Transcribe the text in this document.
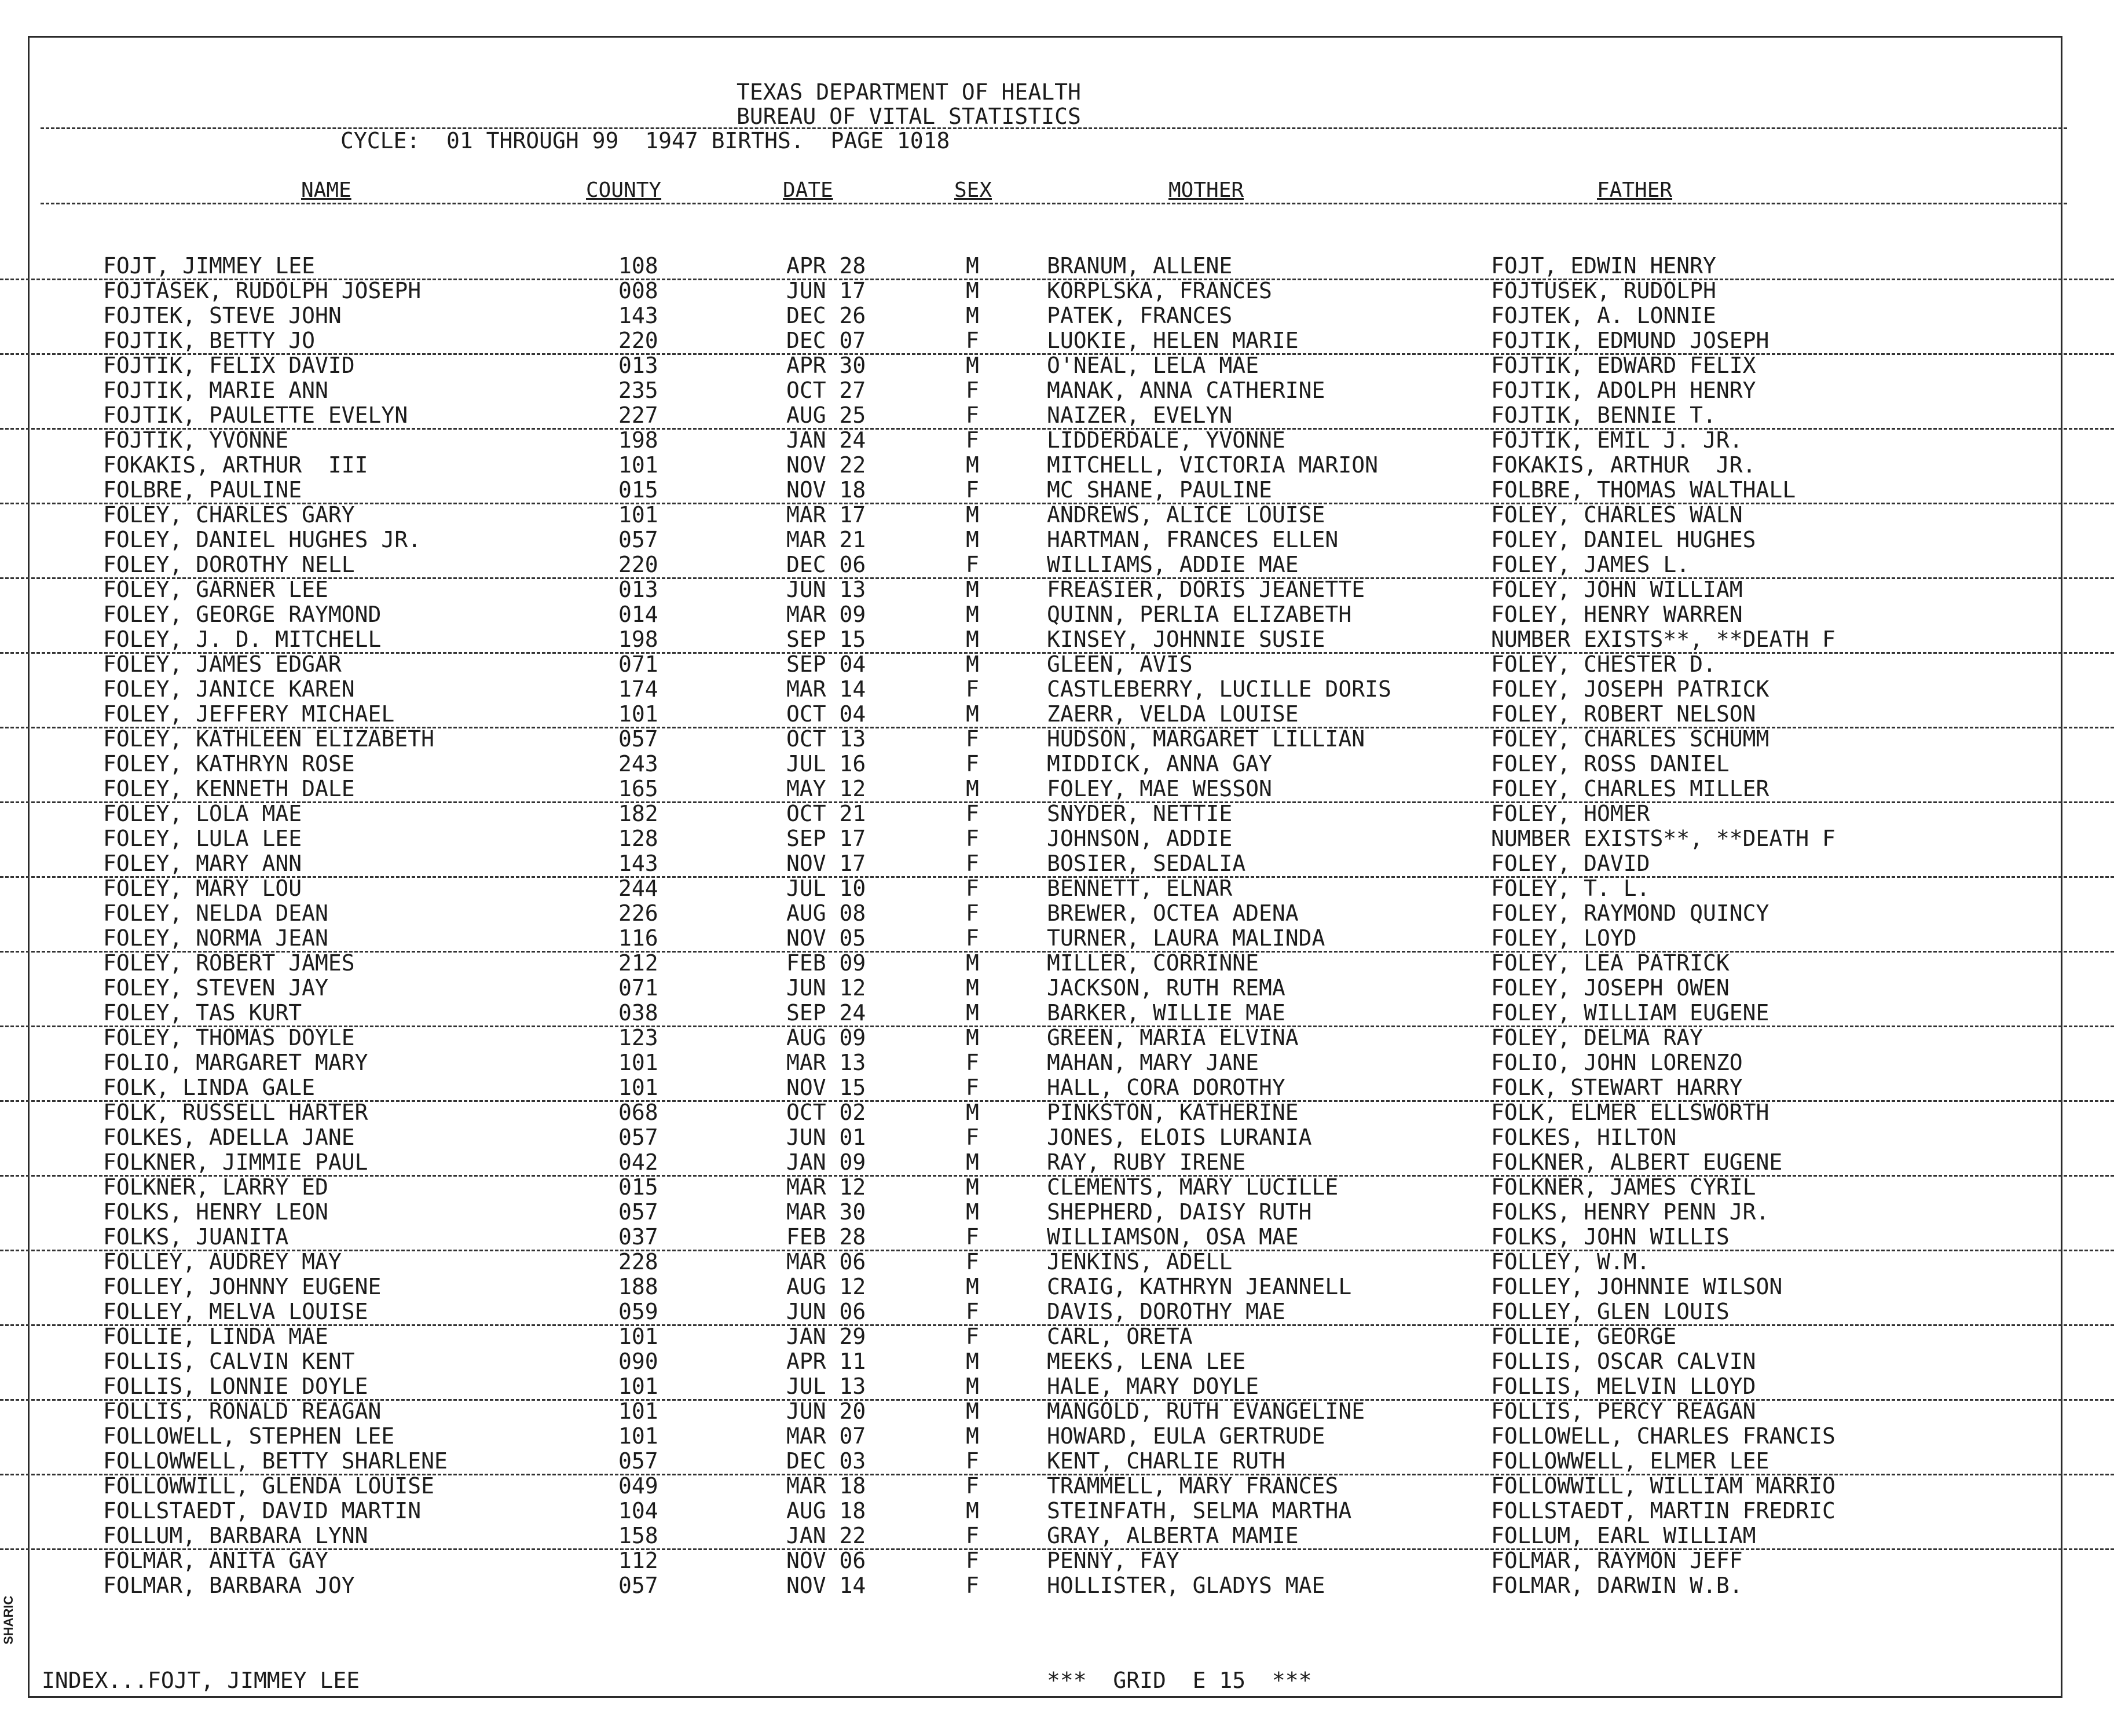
TEXAS DEPARTMENT OF HEALTH
BUREAU OF VITAL STATISTICS
CYCLE:  01 THROUGH 99  1947 BIRTHS.  PAGE 1018
NAME	COUNTY	DATE	SEX	MOTHER	FATHER
FOJT, JIMMEY LEE	108	APR 28	M	BRANUM, ALLENE	FOJT, EDWIN HENRY
FOJTASEK, RUDOLPH JOSEPH	008	JUN 17	M	KORPLSKA, FRANCES	FOJTUSEK, RUDOLPH
FOJTEK, STEVE JOHN	143	DEC 26	M	PATEK, FRANCES	FOJTEK, A. LONNIE
FOJTIK, BETTY JO	220	DEC 07	F	LUOKIE, HELEN MARIE	FOJTIK, EDMUND JOSEPH
FOJTIK, FELIX DAVID	013	APR 30	M	O'NEAL, LELA MAE	FOJTIK, EDWARD FELIX
FOJTIK, MARIE ANN	235	OCT 27	F	MANAK, ANNA CATHERINE	FOJTIK, ADOLPH HENRY
FOJTIK, PAULETTE EVELYN	227	AUG 25	F	NAIZER, EVELYN	FOJTIK, BENNIE T.
FOJTIK, YVONNE	198	JAN 24	F	LIDDERDALE, YVONNE	FOJTIK, EMIL J. JR.
FOKAKIS, ARTHUR  III	101	NOV 22	M	MITCHELL, VICTORIA MARION	FOKAKIS, ARTHUR  JR.
FOLBRE, PAULINE	015	NOV 18	F	MC SHANE, PAULINE	FOLBRE, THOMAS WALTHALL
FOLEY, CHARLES GARY	101	MAR 17	M	ANDREWS, ALICE LOUISE	FOLEY, CHARLES WALN
FOLEY, DANIEL HUGHES JR.	057	MAR 21	M	HARTMAN, FRANCES ELLEN	FOLEY, DANIEL HUGHES
FOLEY, DOROTHY NELL	220	DEC 06	F	WILLIAMS, ADDIE MAE	FOLEY, JAMES L.
FOLEY, GARNER LEE	013	JUN 13	M	FREASIER, DORIS JEANETTE	FOLEY, JOHN WILLIAM
FOLEY, GEORGE RAYMOND	014	MAR 09	M	QUINN, PERLIA ELIZABETH	FOLEY, HENRY WARREN
FOLEY, J. D. MITCHELL	198	SEP 15	M	KINSEY, JOHNNIE SUSIE	NUMBER EXISTS**, **DEATH F
FOLEY, JAMES EDGAR	071	SEP 04	M	GLEEN, AVIS	FOLEY, CHESTER D.
FOLEY, JANICE KAREN	174	MAR 14	F	CASTLEBERRY, LUCILLE DORIS	FOLEY, JOSEPH PATRICK
FOLEY, JEFFERY MICHAEL	101	OCT 04	M	ZAERR, VELDA LOUISE	FOLEY, ROBERT NELSON
FOLEY, KATHLEEN ELIZABETH	057	OCT 13	F	HUDSON, MARGARET LILLIAN	FOLEY, CHARLES SCHUMM
FOLEY, KATHRYN ROSE	243	JUL 16	F	MIDDICK, ANNA GAY	FOLEY, ROSS DANIEL
FOLEY, KENNETH DALE	165	MAY 12	M	FOLEY, MAE WESSON	FOLEY, CHARLES MILLER
FOLEY, LOLA MAE	182	OCT 21	F	SNYDER, NETTIE	FOLEY, HOMER
FOLEY, LULA LEE	128	SEP 17	F	JOHNSON, ADDIE	NUMBER EXISTS**, **DEATH F
FOLEY, MARY ANN	143	NOV 17	F	BOSIER, SEDALIA	FOLEY, DAVID
FOLEY, MARY LOU	244	JUL 10	F	BENNETT, ELNAR	FOLEY, T. L.
FOLEY, NELDA DEAN	226	AUG 08	F	BREWER, OCTEA ADENA	FOLEY, RAYMOND QUINCY
FOLEY, NORMA JEAN	116	NOV 05	F	TURNER, LAURA MALINDA	FOLEY, LOYD
FOLEY, ROBERT JAMES	212	FEB 09	M	MILLER, CORRINNE	FOLEY, LEA PATRICK
FOLEY, STEVEN JAY	071	JUN 12	M	JACKSON, RUTH REMA	FOLEY, JOSEPH OWEN
FOLEY, TAS KURT	038	SEP 24	M	BARKER, WILLIE MAE	FOLEY, WILLIAM EUGENE
FOLEY, THOMAS DOYLE	123	AUG 09	M	GREEN, MARIA ELVINA	FOLEY, DELMA RAY
FOLIO, MARGARET MARY	101	MAR 13	F	MAHAN, MARY JANE	FOLIO, JOHN LORENZO
FOLK, LINDA GALE	101	NOV 15	F	HALL, CORA DOROTHY	FOLK, STEWART HARRY
FOLK, RUSSELL HARTER	068	OCT 02	M	PINKSTON, KATHERINE	FOLK, ELMER ELLSWORTH
FOLKES, ADELLA JANE	057	JUN 01	F	JONES, ELOIS LURANIA	FOLKES, HILTON
FOLKNER, JIMMIE PAUL	042	JAN 09	M	RAY, RUBY IRENE	FOLKNER, ALBERT EUGENE
FOLKNER, LARRY ED	015	MAR 12	M	CLEMENTS, MARY LUCILLE	FOLKNER, JAMES CYRIL
FOLKS, HENRY LEON	057	MAR 30	M	SHEPHERD, DAISY RUTH	FOLKS, HENRY PENN JR.
FOLKS, JUANITA	037	FEB 28	F	WILLIAMSON, OSA MAE	FOLKS, JOHN WILLIS
FOLLEY, AUDREY MAY	228	MAR 06	F	JENKINS, ADELL	FOLLEY, W.M.
FOLLEY, JOHNNY EUGENE	188	AUG 12	M	CRAIG, KATHRYN JEANNELL	FOLLEY, JOHNNIE WILSON
FOLLEY, MELVA LOUISE	059	JUN 06	F	DAVIS, DOROTHY MAE	FOLLEY, GLEN LOUIS
FOLLIE, LINDA MAE	101	JAN 29	F	CARL, ORETA	FOLLIE, GEORGE
FOLLIS, CALVIN KENT	090	APR 11	M	MEEKS, LENA LEE	FOLLIS, OSCAR CALVIN
FOLLIS, LONNIE DOYLE	101	JUL 13	M	HALE, MARY DOYLE	FOLLIS, MELVIN LLOYD
FOLLIS, RONALD REAGAN	101	JUN 20	M	MANGOLD, RUTH EVANGELINE	FOLLIS, PERCY REAGAN
FOLLOWELL, STEPHEN LEE	101	MAR 07	M	HOWARD, EULA GERTRUDE	FOLLOWELL, CHARLES FRANCIS
FOLLOWWELL, BETTY SHARLENE	057	DEC 03	F	KENT, CHARLIE RUTH	FOLLOWWELL, ELMER LEE
FOLLOWWILL, GLENDA LOUISE	049	MAR 18	F	TRAMMELL, MARY FRANCES	FOLLOWWILL, WILLIAM MARRIO
FOLLSTAEDT, DAVID MARTIN	104	AUG 18	M	STEINFATH, SELMA MARTHA	FOLLSTAEDT, MARTIN FREDRIC
FOLLUM, BARBARA LYNN	158	JAN 22	F	GRAY, ALBERTA MAMIE	FOLLUM, EARL WILLIAM
FOLMAR, ANITA GAY	112	NOV 06	F	PENNY, FAY	FOLMAR, RAYMON JEFF
FOLMAR, BARBARA JOY	057	NOV 14	F	HOLLISTER, GLADYS MAE	FOLMAR, DARWIN W.B.
INDEX...FOJT, JIMMEY LEE	***  GRID  E 15  ***
SHARIC
